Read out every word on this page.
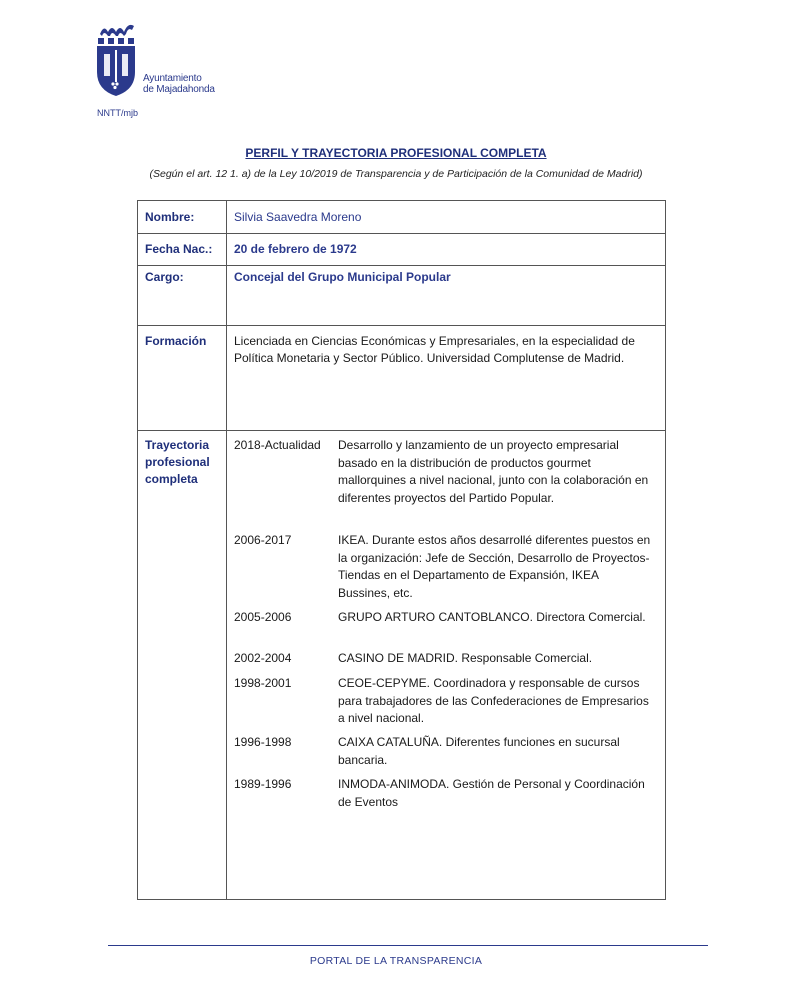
Ayuntamiento
de Majadahonda
NNTT/mjb
PERFIL Y TRAYECTORIA PROFESIONAL COMPLETA
(Según el art. 12 1. a) de la Ley 10/2019 de Transparencia y de Participación de la Comunidad de Madrid)
Nombre:	Silvia Saavedra Moreno
Fecha Nac.: 20 de febrero de 1972
Cargo:	Concejal del Grupo Municipal Popular
Formación Licenciada en Ciencias Económicas y Empresariales, en la especialidad de Política Monetaria y Sector Público. Universidad Complutense de Madrid.
Trayectoria profesional completa
2018-Actualidad	Desarrollo y lanzamiento de un proyecto empresarial basado en la distribución de productos gourmet mallorquines a nivel nacional, junto con la colaboración en diferentes proyectos del Partido Popular.
2006-2017	IKEA. Durante estos años desarrollé diferentes puestos en la organización: Jefe de Sección, Desarrollo de Proyectos-Tiendas en el Departamento de Expansión, IKEA Bussines, etc.
2005-2006	GRUPO ARTURO CANTOBLANCO. Directora Comercial.
2002-2004	CASINO DE MADRID. Responsable Comercial.
1998-2001	CEOE-CEPYME. Coordinadora y responsable de cursos para trabajadores de las Confederaciones de Empresarios a nivel nacional.
1996-1998	CAIXA CATALUÑA. Diferentes funciones en sucursal bancaria.
1989-1996	INMODA-ANIMODA. Gestión de Personal y Coordinación de Eventos
PORTAL DE LA TRANSPARENCIA
